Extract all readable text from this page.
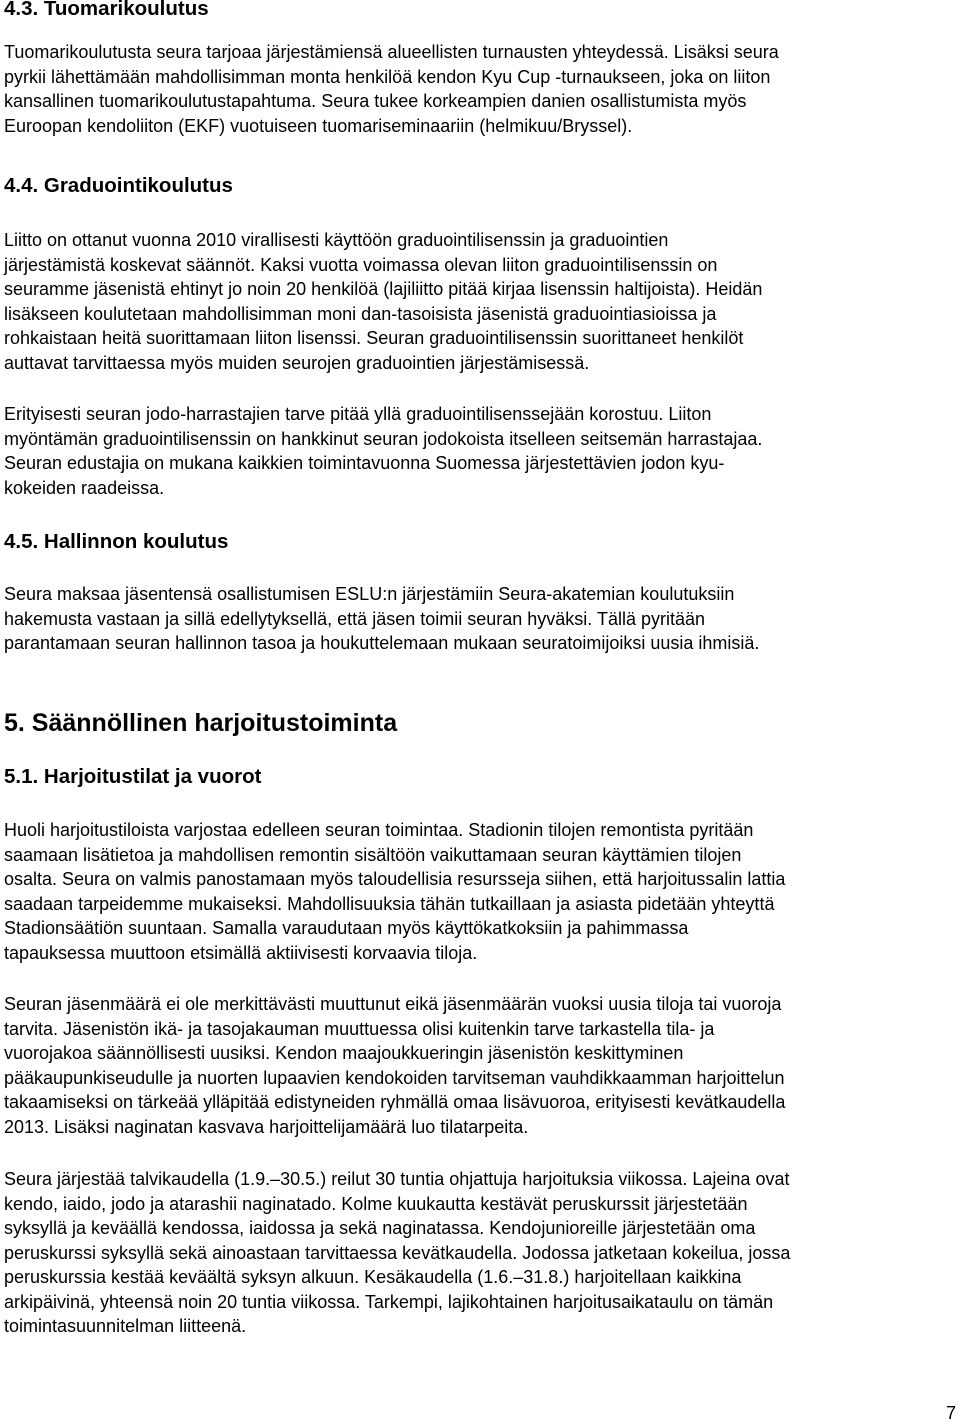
4.3. Tuomarikoulutus
Tuomarikoulutusta seura tarjoaa järjestämiensä alueellisten turnausten yhteydessä. Lisäksi seura
pyrkii lähettämään mahdollisimman monta henkilöä kendon Kyu Cup -turnaukseen, joka on liiton
kansallinen tuomarikoulutustapahtuma. Seura tukee korkeampien danien osallistumista myös
Euroopan kendoliiton (EKF) vuotuiseen tuomariseminaariin (helmikuu/Bryssel).
4.4. Graduointikoulutus
Liitto on ottanut vuonna 2010 virallisesti käyttöön graduointilisenssin ja graduointien
järjestämistä koskevat säännöt. Kaksi vuotta voimassa olevan liiton graduointilisenssin on
seuramme jäsenistä ehtinyt jo noin 20 henkilöä (lajiliitto pitää kirjaa lisenssin haltijoista). Heidän
lisäkseen koulutetaan mahdollisimman moni dan-tasoisista jäsenistä graduointiasioissa ja
rohkaistaan heitä suorittamaan liiton lisenssi. Seuran graduointilisenssin suorittaneet henkilöt
auttavat tarvittaessa myös muiden seurojen graduointien järjestämisessä.
Erityisesti seuran jodo-harrastajien tarve pitää yllä graduointilisenssejään korostuu. Liiton
myöntämän graduointilisenssin on hankkinut seuran jodokoista itselleen seitsemän harrastajaa.
Seuran edustajia on mukana kaikkien toimintavuonna Suomessa järjestettävien jodon kyu-
kokeiden raadeissa.
4.5. Hallinnon koulutus
Seura maksaa jäsentensä osallistumisen ESLU:n järjestämiin Seura-akatemian koulutuksiin
hakemusta vastaan ja sillä edellytyksellä, että jäsen toimii seuran hyväksi. Tällä pyritään
parantamaan seuran hallinnon tasoa ja houkuttelemaan mukaan seuratoimijoiksi uusia ihmisiä.
5. Säännöllinen harjoitustoiminta
5.1. Harjoitustilat ja vuorot
Huoli harjoitustiloista varjostaa edelleen seuran toimintaa. Stadionin tilojen remontista pyritään
saamaan lisätietoa ja mahdollisen remontin sisältöön vaikuttamaan seuran käyttämien tilojen
osalta. Seura on valmis panostamaan myös taloudellisia resursseja siihen, että harjoitussalin lattia
saadaan tarpeidemme mukaiseksi. Mahdollisuuksia tähän tutkaillaan ja asiasta pidetään yhteyttä
Stadionsäätiön suuntaan. Samalla varaudutaan myös käyttökatkoksiin ja pahimmassa
tapauksessa muuttoon etsimällä aktiivisesti korvaavia tiloja.
Seuran jäsenmäärä ei ole merkittävästi muuttunut eikä jäsenmäärän vuoksi uusia tiloja tai vuoroja
tarvita. Jäsenistön ikä- ja tasojakauman muuttuessa olisi kuitenkin tarve tarkastella tila- ja
vuorojakoa säännöllisesti uusiksi. Kendon maajoukkueringin jäsenistön keskittyminen
pääkaupunkiseudulle ja nuorten lupaavien kendokoiden tarvitseman vauhdikkaamman harjoittelun
takaamiseksi on tärkeää ylläpitää edistyneiden ryhmällä omaa lisävuoroa, erityisesti kevätkaudella
2013. Lisäksi naginatan kasvava harjoittelijamäärä luo tilatarpeita.
Seura järjestää talvikaudella (1.9.–30.5.) reilut 30 tuntia ohjattuja harjoituksia viikossa. Lajeina ovat
kendo, iaido, jodo ja atarashii naginatado. Kolme kuukautta kestävät peruskurssit järjestetään
syksyllä ja keväällä kendossa, iaidossa ja sekä naginatassa. Kendojunioreille järjestetään oma
peruskurssi syksyllä sekä ainoastaan tarvittaessa kevätkaudella. Jodossa jatketaan kokeilua, jossa
peruskurssia kestää keväältä syksyn alkuun. Kesäkaudella (1.6.–31.8.) harjoitellaan kaikkina
arkipäivinä, yhteensä noin 20 tuntia viikossa. Tarkempi, lajikohtainen harjoitusaikataulu on tämän
toimintasuunnitelman liitteenä.
7
